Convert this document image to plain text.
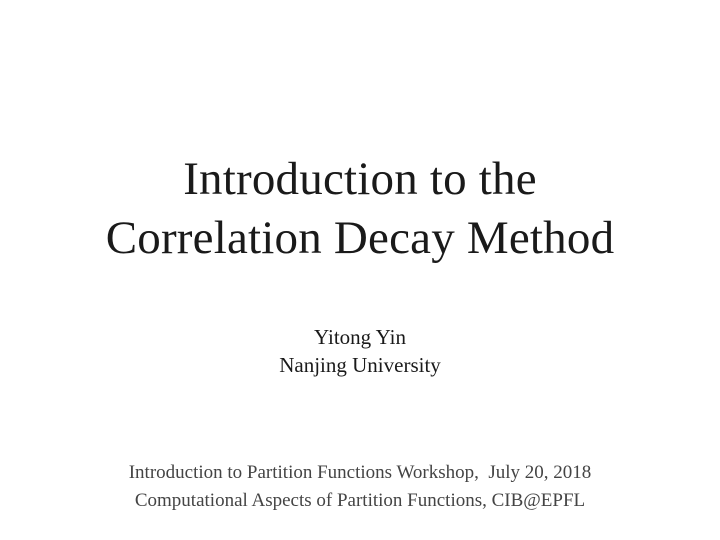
Introduction to the
Correlation Decay Method
Yitong Yin
Nanjing University
Introduction to Partition Functions Workshop,  July 20, 2018
Computational Aspects of Partition Functions, CIB@EPFL
